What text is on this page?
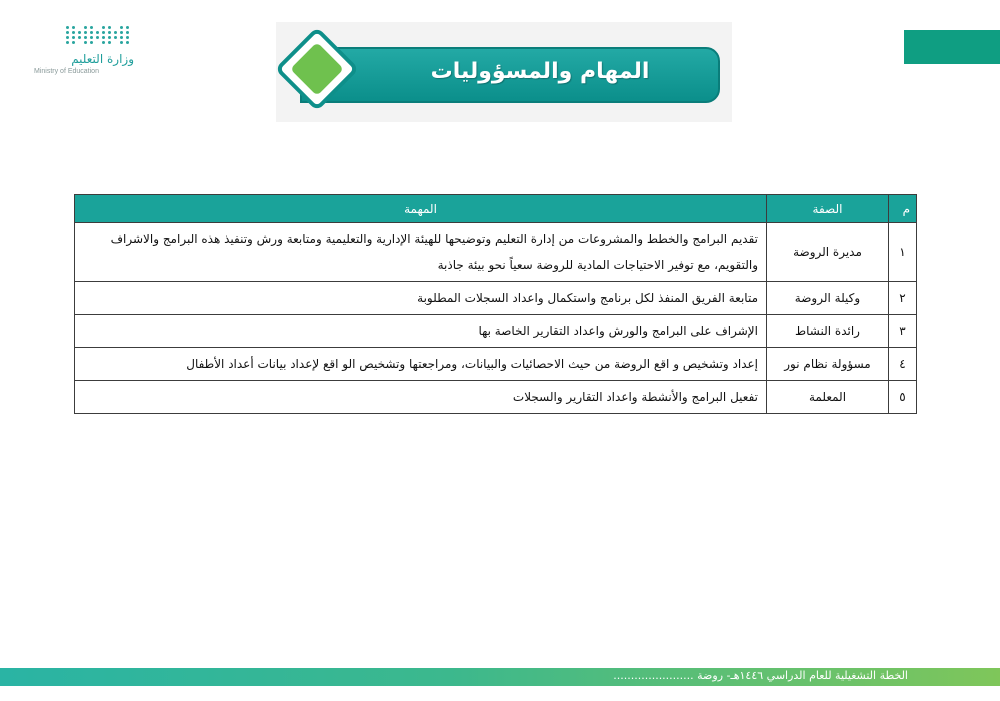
وزارة التعليم
Ministry of Education	المهام والمسؤوليات
م	الصفة	المهمة
١	مديرة الروضة	تقديم البرامج والخطط والمشروعات من إدارة التعليم وتوضيحها للهيئة الإدارية والتعليمية ومتابعة ورش وتنفيذ هذه البرامج والاشراف والتقويم، مع توفير الاحتياجات المادية للروضة سعياً نحو بيئة جاذبة
٢	وكيلة الروضة	متابعة الفريق المنفذ لكل برنامج واستكمال واعداد السجلات المطلوبة
٣	رائدة النشاط	الإشراف على البرامج والورش واعداد التقارير الخاصة بها
٤	مسؤولة نظام نور	إعداد وتشخيص و اقع الروضة من حيث الاحصائيات والبيانات، ومراجعتها وتشخيص الو اقع لإعداد بيانات أعداد الأطفال
٥	المعلمة	تفعيل البرامج والأنشطة واعداد التقارير والسجلات
الخطة التشغيلية للعام الدراسي ١٤٤٦هـ- روضة .......................
